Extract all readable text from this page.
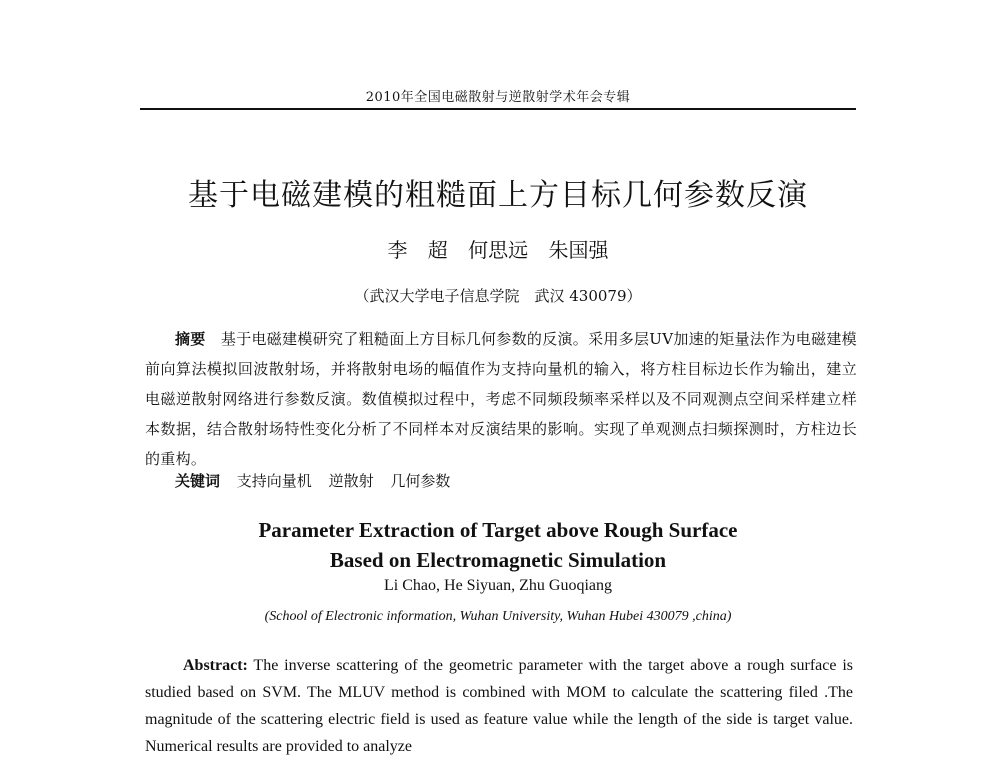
2010年全国电磁散射与逆散射学术年会专辑
基于电磁建模的粗糙面上方目标几何参数反演
李 超 何思远 朱国强
（武汉大学电子信息学院　武汉 430079）
摘要　基于电磁建模研究了粗糙面上方目标几何参数的反演。采用多层UV加速的矩量法作为电磁建模前向算法模拟回波散射场，并将散射电场的幅值作为支持向量机的输入，将方柱目标边长作为输出，建立电磁逆散射网络进行参数反演。数值模拟过程中，考虑不同频段频率采样以及不同观测点空间采样建立样本数据，结合散射场特性变化分析了不同样本对反演结果的影响。实现了单观测点扫频探测时，方柱边长的重构。
关键词 支持向量机 逆散射 几何参数
Parameter Extraction of Target above Rough Surface
Based on Electromagnetic Simulation
Li Chao, He Siyuan, Zhu Guoqiang
(School of Electronic information, Wuhan University, Wuhan Hubei 430079 ,china)
Abstract: The inverse scattering of the geometric parameter with the target above a rough surface is studied based on SVM. The MLUV method is combined with MOM to calculate the scattering filed .The magnitude of the scattering electric field is used as feature value while the length of the side is target value. Numerical results are provided to analyze
